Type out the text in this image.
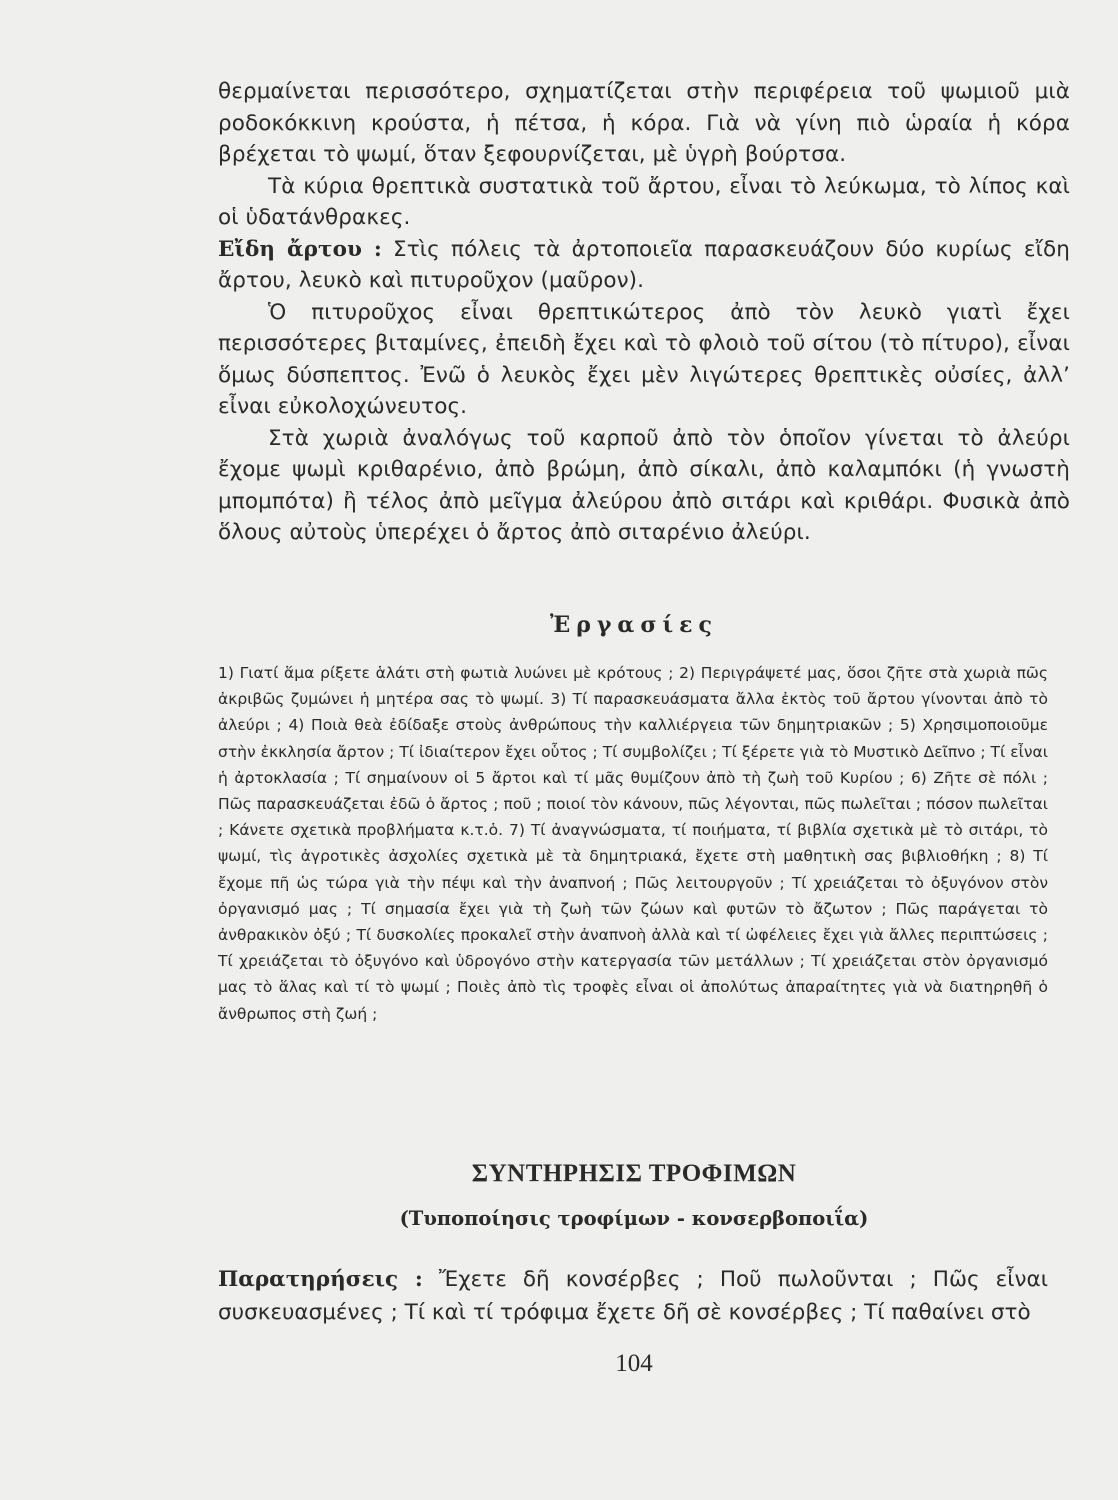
θερμαίνεται περισσότερο, σχηματίζεται στὴν περιφέρεια τοῦ ψωμιοῦ μιὰ ροδοκόκκινη κρούστα, ἡ πέτσα, ἡ κόρα. Γιὰ νὰ γίνη πιὸ ὡραία ἡ κόρα βρέχεται τὸ ψωμί, ὅταν ξεφουρνίζεται, μὲ ὑγρὴ βούρτσα.

Τὰ κύρια θρεπτικὰ συστατικὰ τοῦ ἄρτου, εἶναι τὸ λεύκωμα, τὸ λίπος καὶ οἱ ὑδατάνθρακες.

Εἴδη ἄρτου : Στὶς πόλεις τὰ ἀρτοποιεῖα παρασκευάζουν δύο κυρίως εἴδη ἄρτου, λευκὸ καὶ πιτυροῦχον (μαῦρον).

Ὁ πιτυροῦχος εἶναι θρεπτικώτερος ἀπὸ τὸν λευκὸ γιατὶ ἔχει περισσότερες βιταμίνες, ἐπειδὴ ἔχει καὶ τὸ φλοιὸ τοῦ σίτου (τὸ πίτυρο), εἶναι ὅμως δύσπεπτος. Ἐνῶ ὁ λευκὸς ἔχει μὲν λιγώτερες θρεπτικὲς οὐσίες, ἀλλ’ εἶναι εὐκολοχώνευτος.

Στὰ χωριὰ ἀναλόγως τοῦ καρποῦ ἀπὸ τὸν ὁποῖον γίνεται τὸ ἀλεύρι ἔχομε ψωμὶ κριθαρένιο, ἀπὸ βρώμη, ἀπὸ σίκαλι, ἀπὸ καλαμπόκι (ἡ γνωστὴ μπομπότα) ἢ τέλος ἀπὸ μεῖγμα ἀλεύρου ἀπὸ σιτάρι καὶ κριθάρι. Φυσικὰ ἀπὸ ὅλους αὐτοὺς ὑπερέχει ὁ ἄρτος ἀπὸ σιταρένιο ἀλεύρι.

Ἐργασίες

1) Γιατί ἅμα ρίξετε ἁλάτι στὴ φωτιὰ λυώνει μὲ κρότους ; 2) Περιγράψετέ μας, ὅσοι ζῆτε στὰ χωριὰ πῶς ἀκριβῶς ζυμώνει ἡ μητέρα σας τὸ ψωμί. 3) Τί παρασκευάσματα ἄλλα ἐκτὸς τοῦ ἄρτου γίνονται ἀπὸ τὸ ἀλεύρι ; 4) Ποιὰ θεὰ ἐδίδαξε στοὺς ἀνθρώπους τὴν καλλιέργεια τῶν δημητριακῶν ; 5) Χρησιμοποιοῦμε στὴν ἐκκλησία ἄρτον ; Τί ἰδιαίτερον ἔχει οὗτος ; Τί συμβολίζει ; Τί ξέρετε γιὰ τὸ Μυστικὸ Δεῖπνο ; Τί εἶναι ἡ ἀρτοκλασία ; Τί σημαίνουν οἱ 5 ἄρτοι καὶ τί μᾶς θυμίζουν ἀπὸ τὴ ζωὴ τοῦ Κυρίου ; 6) Ζῆτε σὲ πόλι ; Πῶς παρασκευάζεται ἐδῶ ὁ ἄρτος ; ποῦ ; ποιοί τὸν κάνουν, πῶς λέγονται, πῶς πωλεῖται ; πόσον πωλεῖται ; Κάνετε σχετικὰ προβλήματα κ.τ.ὁ. 7) Τί ἀναγνώσματα, τί ποιήματα, τί βιβλία σχετικὰ μὲ τὸ σιτάρι, τὸ ψωμί, τὶς ἀγροτικὲς ἀσχολίες σχετικὰ μὲ τὰ δημητριακά, ἔχετε στὴ μαθητικὴ σας βιβλιοθήκη ; 8) Τί ἔχομε πῆ ὡς τώρα γιὰ τὴν πέψι καὶ τὴν ἀναπνοή ; Πῶς λειτουργοῦν ; Τί χρειάζεται τὸ ὀξυγόνον στὸν ὀργανισμό μας ; Τί σημασία ἔχει γιὰ τὴ ζωὴ τῶν ζώων καὶ φυτῶν τὸ ἄζωτον ; Πῶς παράγεται τὸ ἀνθρακικὸν ὀξύ ; Τί δυσκολίες προκαλεῖ στὴν ἀναπνοὴ ἀλλὰ καὶ τί ὠφέλειες ἔχει γιὰ ἄλλες περιπτώσεις ; Τί χρειάζεται τὸ ὀξυγόνο καὶ ὑδρογόνο στὴν κατεργασία τῶν μετάλλων ; Τί χρειάζεται στὸν ὀργανισμό μας τὸ ἅλας καὶ τί τὸ ψωμί ; Ποιὲς ἀπὸ τὶς τροφὲς εἶναι οἱ ἀπολύτως ἀπαραίτητες γιὰ νὰ διατηρηθῆ ὁ ἄνθρωπος στὴ ζωή ;

ΣΥΝΤΗΡΗΣΙΣ ΤΡΟΦΙΜΩΝ
(Τυποποίησις τροφίμων - κονσερβοποιΐα)

Παρατηρήσεις : Ἔχετε δῆ κονσέρβες ; Ποῦ πωλοῦνται ; Πῶς εἶναι συσκευασμένες ; Τί καὶ τί τρόφιμα ἔχετε δῆ σὲ κονσέρβες ; Τί παθαίνει στὸ

104
